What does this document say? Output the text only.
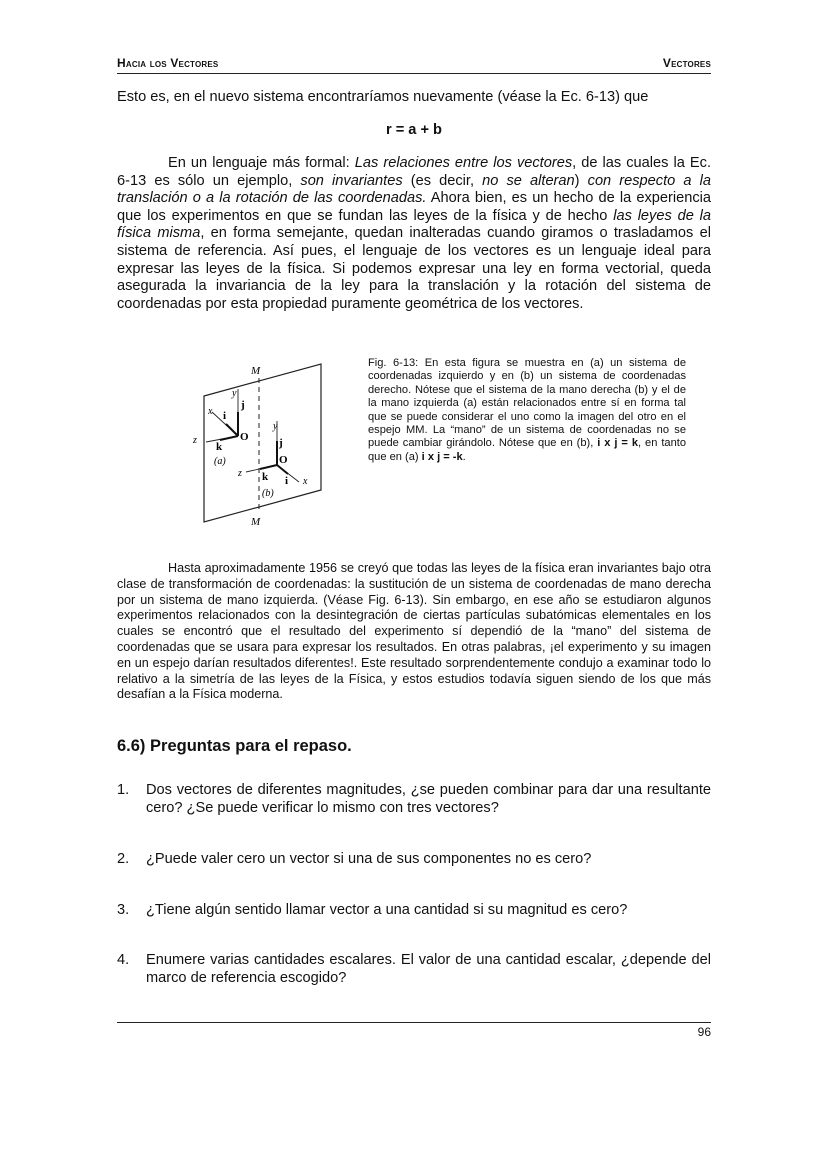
Hacia los Vectores	Vectores
Esto es, en el nuevo sistema encontraríamos nuevamente (véase la Ec. 6-13) que
r = a + b
En un lenguaje más formal: Las relaciones entre los vectores, de las cuales la Ec. 6-13 es sólo un ejemplo, son invariantes (es decir, no se alteran) con respecto a la translación o a la rotación de las coordenadas. Ahora bien, es un hecho de la experiencia que los experimentos en que se fundan las leyes de la física y de hecho las leyes de la física misma, en forma semejante, quedan inalteradas cuando giramos o trasladamos el sistema de referencia. Así pues, el lenguaje de los vectores es un lenguaje ideal para expresar las leyes de la física. Si podemos expresar una ley en forma vectorial, queda asegurada la invariancia de la ley para la translación y la rotación del sistema de coordenadas por esta propiedad puramente geométrica de los vectores.
M
M
y
x
z
j
i
k
O
(a)
y
z
x
j
k i
O
(b)
Fig. 6-13: En esta figura se muestra en (a) un sistema de coordenadas izquierdo y en (b) un sistema de coordenadas derecho. Nótese que el sistema de la mano derecha (b) y el de la mano izquierda (a) están relacionados entre sí en forma tal que se puede considerar el uno como la imagen del otro en el espejo MM. La “mano” de un sistema de coordenadas no se puede cambiar girándolo. Nótese que en (b), i x j = k, en tanto que en (a) i x j = -k.
Hasta aproximadamente 1956 se creyó que todas las leyes de la física eran invariantes bajo otra clase de transformación de coordenadas: la sustitución de un sistema de coordenadas de mano derecha por un sistema de mano izquierda. (Véase Fig. 6-13). Sin embargo, en ese año se estudiaron algunos experimentos relacionados con la desintegración de ciertas partículas subatómicas elementales en los cuales se encontró que el resultado del experimento sí dependió de la “mano” del sistema de coordenadas que se usara para expresar los resultados. En otras palabras, ¡el experimento y su imagen en un espejo darían resultados diferentes!. Este resultado sorprendentemente condujo a examinar todo lo relativo a la simetría de las leyes de la Física, y estos estudios todavía siguen siendo de los que más desafían a la Física moderna.
6.6) Preguntas para el repaso.
1.	Dos vectores de diferentes magnitudes, ¿se pueden combinar para dar una resultante cero? ¿Se puede verificar lo mismo con tres vectores?
2.	¿Puede valer cero un vector si una de sus componentes no es cero?
3.	¿Tiene algún sentido llamar vector a una cantidad si su magnitud es cero?
4.	Enumere varias cantidades escalares. El valor de una cantidad escalar, ¿depende del marco de referencia escogido?
96
